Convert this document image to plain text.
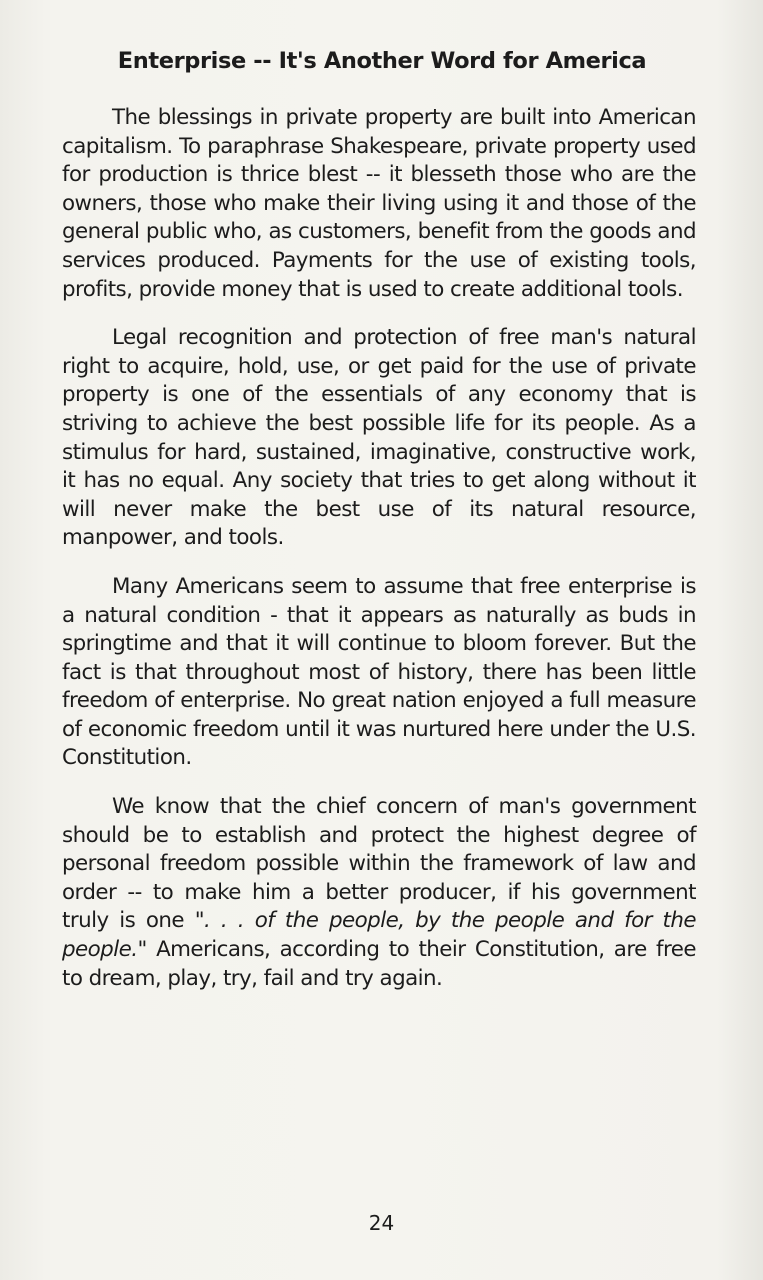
Enterprise -- It's Another Word for America

The blessings in private property are built into American capitalism. To paraphrase Shakespeare, private property used for production is thrice blest -- it blesseth those who are the owners, those who make their living using it and those of the general public who, as customers, benefit from the goods and services produced. Payments for the use of existing tools, profits, provide money that is used to create additional tools.

Legal recognition and protection of free man's natural right to acquire, hold, use, or get paid for the use of private property is one of the essentials of any economy that is striving to achieve the best possible life for its people. As a stimulus for hard, sustained, imaginative, constructive work, it has no equal. Any society that tries to get along without it will never make the best use of its natural resource, manpower, and tools.

Many Americans seem to assume that free enterprise is a natural condition - that it appears as naturally as buds in springtime and that it will continue to bloom forever. But the fact is that throughout most of history, there has been little freedom of enterprise. No great nation enjoyed a full measure of economic freedom until it was nurtured here under the U.S. Constitution.

We know that the chief concern of man's government should be to establish and protect the highest degree of personal freedom possible within the framework of law and order -- to make him a better producer, if his government truly is one ". . . of the people, by the people and for the people." Americans, according to their Constitution, are free to dream, play, try, fail and try again.

24
